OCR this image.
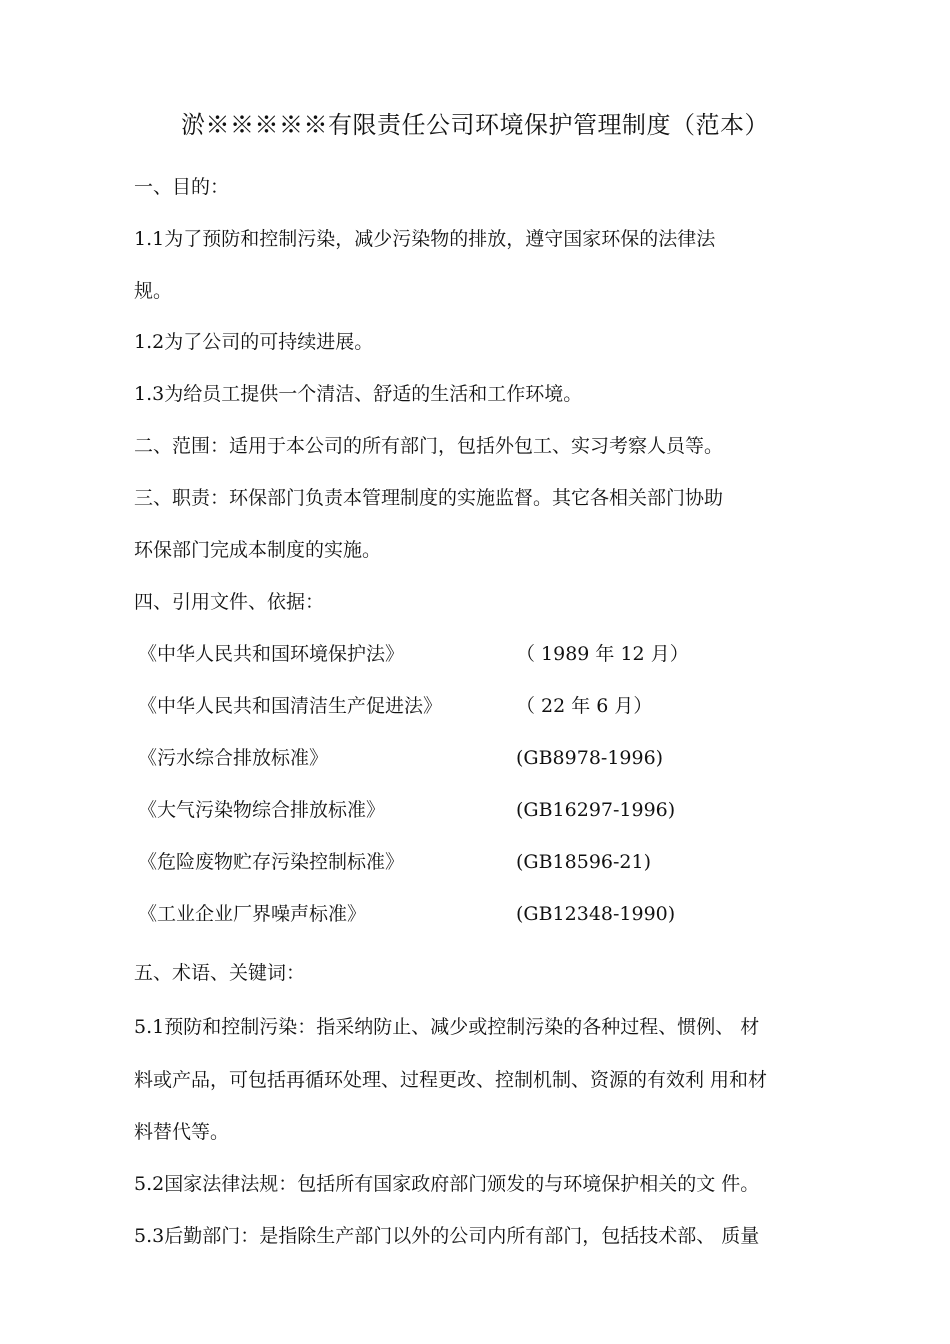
淤※※※※※有限责任公司环境保护管理制度（范本）
一、目的：
1.1为了预防和控制污染，减少污染物的排放，遵守国家环保的法律法
规。
1.2为了公司的可持续进展。
1.3为给员工提供一个清洁、舒适的生活和工作环境。
二、范围：适用于本公司的所有部门，包括外包工、实习考察人员等。
三、职责：环保部门负责本管理制度的实施监督。其它各相关部门协助
环保部门完成本制度的实施。
四、引用文件、依据：
《中华人民共和国环境保护法》	（ 1989 年 12 月）
《中华人民共和国清洁生产促进法》	（ 22 年 6 月）
《污水综合排放标准》	(GB8978-1996)
《大气污染物综合排放标准》	(GB16297-1996)
《危险废物贮存污染控制标准》	(GB18596-21)
《工业企业厂界噪声标准》	(GB12348-1990)
五、术语、关键词：
5.1预防和控制污染：指采纳防止、减少或控制污染的各种过程、惯例、 材
料或产品，可包括再循环处理、过程更改、控制机制、资源的有效利 用和材
料替代等。
5.2国家法律法规：包括所有国家政府部门颁发的与环境保护相关的文 件。
5.3后勤部门：是指除生产部门以外的公司内所有部门，包括技术部、 质量
